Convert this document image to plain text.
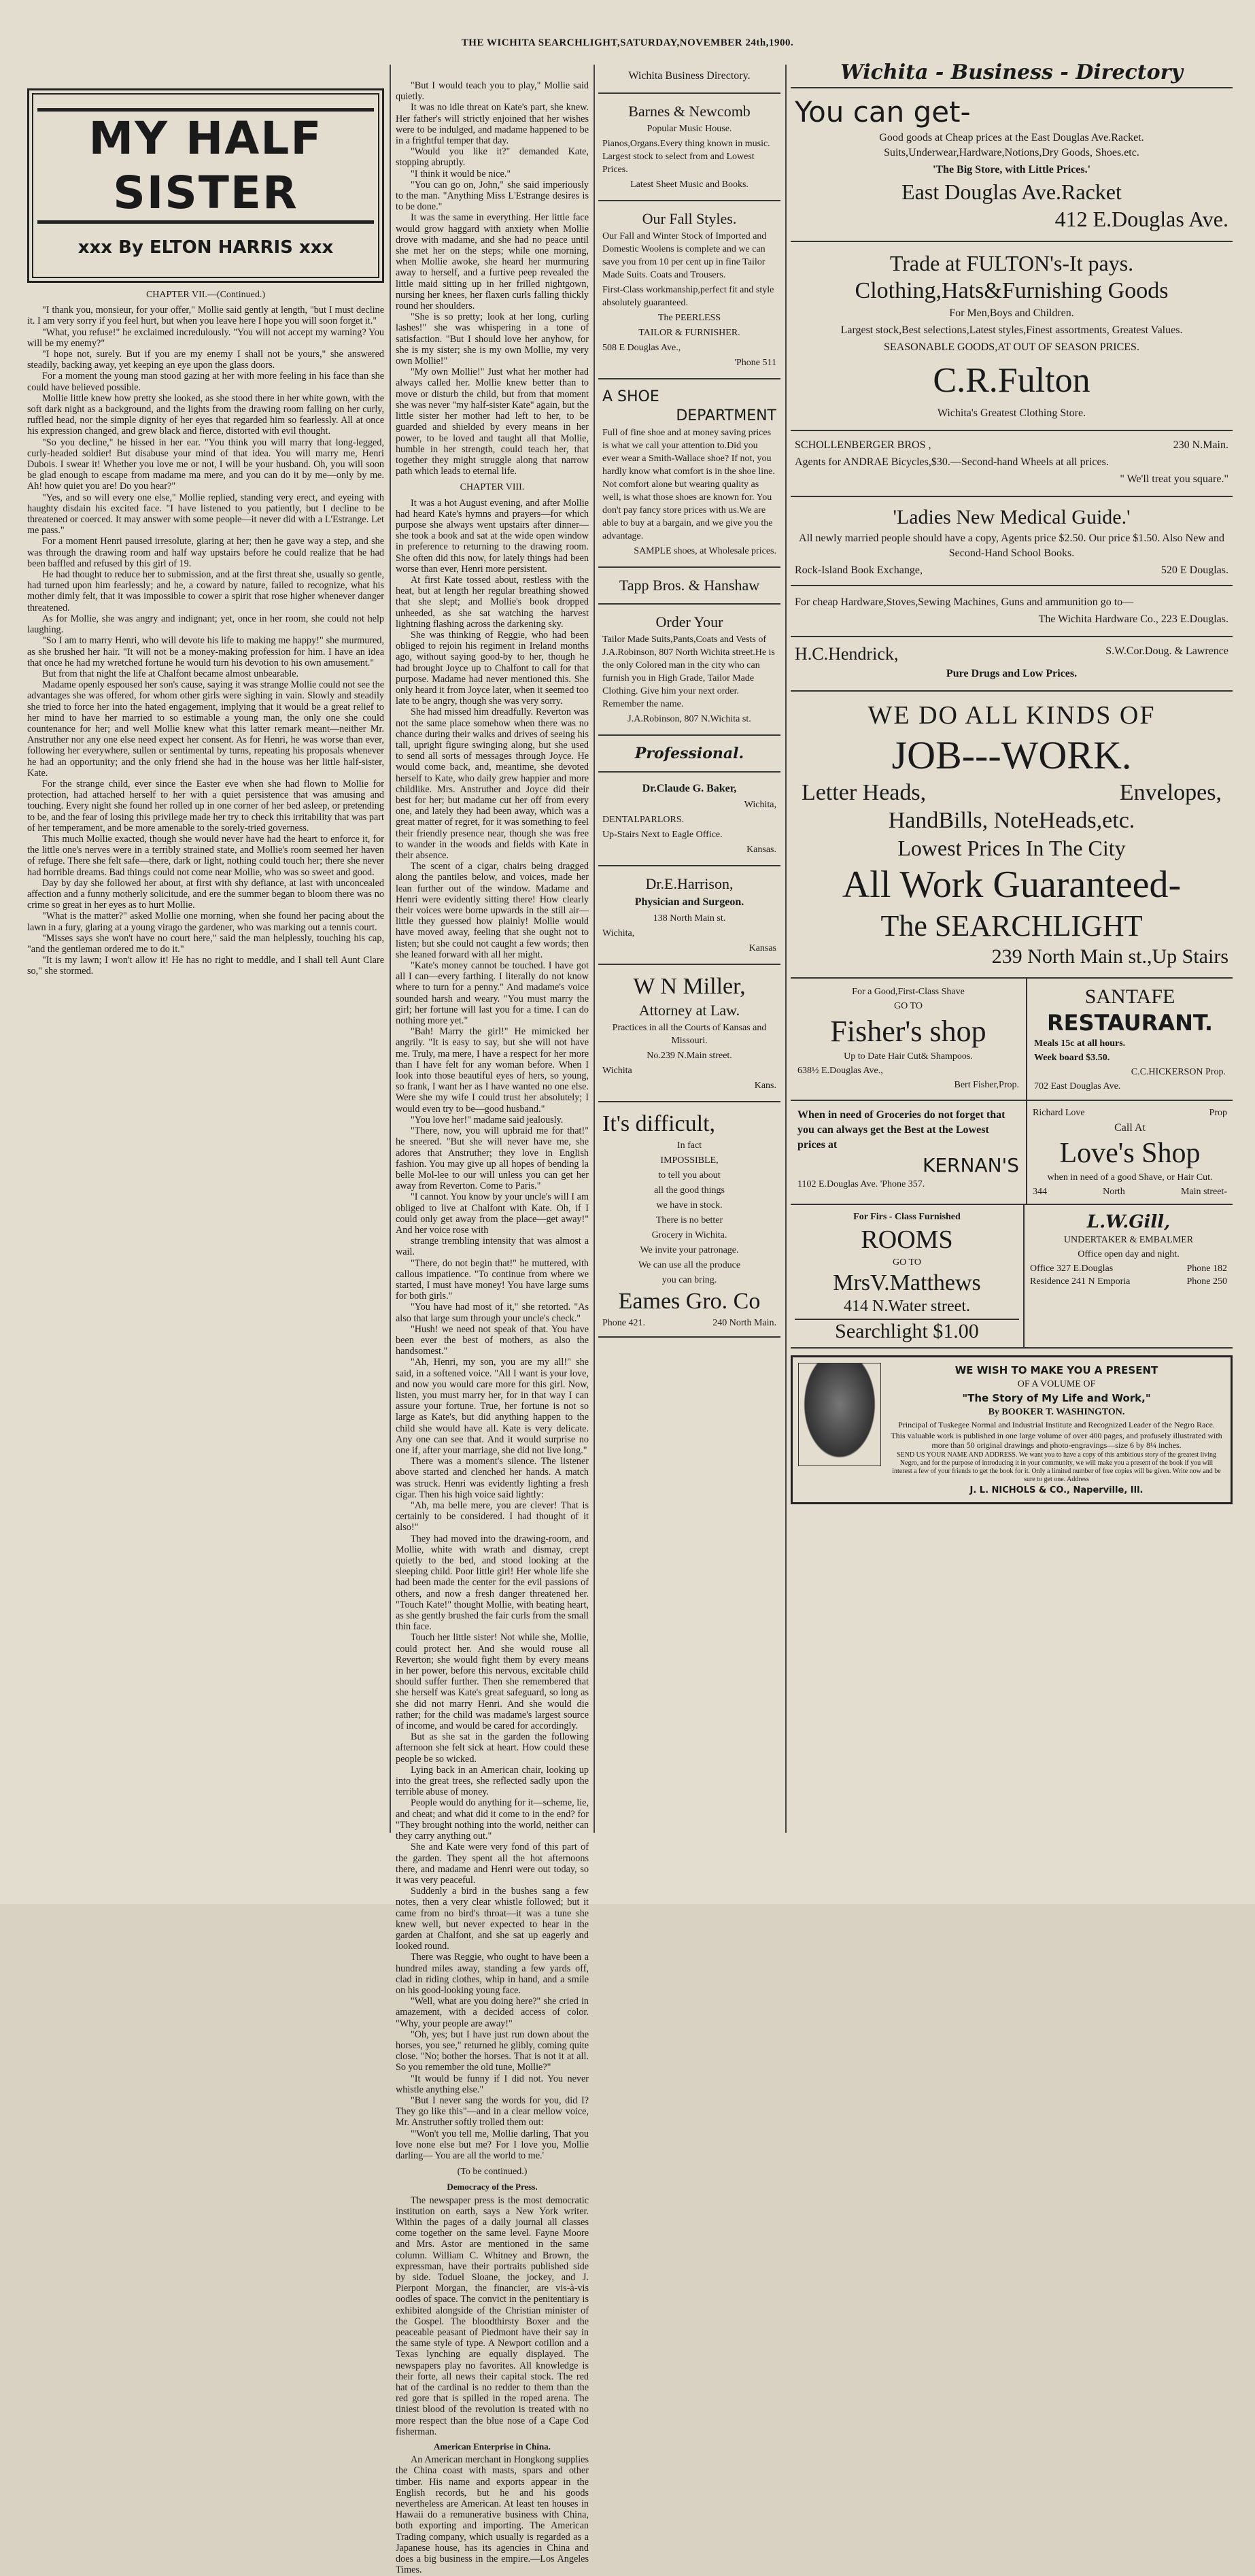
THE WICHITA SEARCHLIGHT,SATURDAY,NOVEMBER 24th,1900.
MY HALF SISTER
xxx By ELTON HARRIS xxx

CHAPTER VII.—(Continued.)

"I thank you, monsieur, for your offer," Mollie said gently at length, "but I must decline it. I am very sorry if you feel hurt, but when you leave here I hope you will soon forget it."

"What, you refuse!" he exclaimed incredulously. "You will not accept my warning? You will be my enemy?"

"I hope not, surely. But if you are my enemy I shall not be yours," she answered steadily, backing away, yet keeping an eye upon the glass doors.

For a moment the young man stood gazing at her with more feeling in his face than she could have believed possible.

Mollie little knew how pretty she looked, as she stood there in her white gown, with the soft dark night as a background, and the lights from the drawing room falling on her curly, ruffled head, nor the simple dignity of her eyes that regarded him so fearlessly. All at once his expression changed, and grew black and fierce, distorted with evil thought.

"So you decline," he hissed in her ear. "You think you will marry that long-legged, curly-headed soldier! But disabuse your mind of that idea. You will marry me, Henri Dubois. I swear it! Whether you love me or not, I will be your husband. Oh, you will soon be glad enough to escape from madame ma mere, and you can do it by me—only by me. Ah! how quiet you are! Do you hear?"

"Yes, and so will every one else," Mollie replied, standing very erect, and eyeing with haughty disdain his excited face. "I have listened to you patiently, but I decline to be threatened or coerced. It may answer with some people—it never did with a L'Estrange. Let me pass."

For a moment Henri paused irresolute, glaring at her; then he gave way a step, and she was through the drawing room and half way upstairs before he could realize that he had been baffled and refused by this girl of 19.

He had thought to reduce her to submission, and at the first threat she, usually so gentle, had turned upon him fearlessly; and he, a coward by nature, failed to recognize, what his mother dimly felt, that it was impossible to cower a spirit that rose higher whenever danger threatened.

As for Mollie, she was angry and indignant; yet, once in her room, she could not help laughing.

"So I am to marry Henri, who will devote his life to making me happy!" she murmured, as she brushed her hair. "It will not be a money-making profession for him. I have an idea that once he had my wretched fortune he would turn his devotion to his own amusement."

But from that night the life at Chalfont became almost unbearable.

Madame openly espoused her son's cause, saying it was strange Mollie could not see the advantages she was offered, for whom other girls were sighing in vain. Slowly and steadily she tried to force her into the hated engagement, implying that it would be a great relief to her mind to have her married to so estimable a young man, the only one she could countenance for her; and well Mollie knew what this latter remark meant—neither Mr. Anstruther nor any one else need expect her consent. As for Henri, he was worse than ever, following her everywhere, sullen or sentimental by turns, repeating his proposals whenever he had an opportunity; and the only friend she had in the house was her little half-sister, Kate.

For the strange child, ever since the Easter eve when she had flown to Mollie for protection, had attached herself to her with a quiet persistence that was amusing and touching. Every night she found her rolled up in one corner of her bed asleep, or pretending to be, and the fear of losing this privilege made her try to check this irritability that was part of her temperament, and be more amenable to the sorely-tried governess.

This much Mollie exacted, though she would never have had the heart to enforce it, for the little one's nerves were in a terribly strained state, and Mollie's room seemed her haven of refuge. There she felt safe—there, dark or light, nothing could touch her; there she never had horrible dreams. Bad things could not come near Mollie, who was so sweet and good.

Day by day she followed her about, at first with shy defiance, at last with unconcealed affection and a funny motherly solicitude, and ere the summer began to bloom there was no crime so great in her eyes as to hurt Mollie.

"What is the matter?" asked Mollie one morning, when she found her pacing about the lawn in a fury, glaring at a young virago the gardener, who was marking out a tennis court.

"Misses says she won't have no court here," said the man helplessly, touching his cap, "and the gentleman ordered me to do it."

"It is my lawn; I won't allow it! He has no right to meddle, and I shall tell Aunt Clare so," she stormed.

"But I would teach you to play," Mollie said quietly.

It was no idle threat on Kate's part, she knew. Her father's will strictly enjoined that her wishes were to be indulged, and madame happened to be in a frightful temper that day.

"Would you like it?" demanded Kate, stopping abruptly.

"I think it would be nice."

"You can go on, John," she said imperiously to the man. "Anything Miss L'Estrange desires is to be done."

It was the same in everything. Her little face would grow haggard with anxiety when Mollie drove with madame, and she had no peace until she met her on the steps; while one morning, when Mollie awoke, she heard her murmuring away to herself, and a furtive peep revealed the little maid sitting up in her frilled nightgown, nursing her knees, her flaxen curls falling thickly round her shoulders.

"She is so pretty; look at her long, curling lashes!" she was whispering in a tone of satisfaction. "But I should love her anyhow, for she is my sister; she is my own Mollie, my very own Mollie!"

"My own Mollie!" Just what her mother had always called her. Mollie knew better than to move or disturb the child, but from that moment she was never "my half-sister Kate" again, but the little sister her mother had left to her, to be guarded and shielded by every means in her power, to be loved and taught all that Mollie, humble in her strength, could teach her, that together they might struggle along that narrow path which leads to eternal life.

CHAPTER VIII.

It was a hot August evening, and after Mollie had heard Kate's hymns and prayers—for which purpose she always went upstairs after dinner—she took a book and sat at the wide open window in preference to returning to the drawing room. She often did this now, for lately things had been worse than ever, Henri more persistent.

At first Kate tossed about, restless with the heat, but at length her regular breathing showed that she slept; and Mollie's book dropped unheeded, as she sat watching the harvest lightning flashing across the darkening sky.

She was thinking of Reggie, who had been obliged to rejoin his regiment in Ireland months ago, without saying good-by to her, though he had brought Joyce up to Chalfont to call for that purpose. Madame had never mentioned this. She only heard it from Joyce later, when it seemed too late to be angry, though she was very sorry.

She had missed him dreadfully. Reverton was not the same place somehow when there was no chance during their walks and drives of seeing his tall, upright figure swinging along, but she used to send all sorts of messages through Joyce. He would come back, and, meantime, she devoted herself to Kate, who daily grew happier and more childlike. Mrs. Anstruther and Joyce did their best for her; but madame cut her off from every one, and lately they had been away, which was a great matter of regret, for it was something to feel their friendly presence near, though she was free to wander in the woods and fields with Kate in their absence.

The scent of a cigar, chairs being dragged along the pantiles below, and voices, made her lean further out of the window. Madame and Henri were evidently sitting there! How clearly their voices were borne upwards in the still air—little they guessed how plainly! Mollie would have moved away, feeling that she ought not to listen; but she could not caught a few words; then she leaned forward with all her might.

"Kate's money cannot be touched. I have got all I can—every farthing. I literally do not know where to turn for a penny." And madame's voice sounded harsh and weary. "You must marry the girl; her fortune will last you for a time. I can do nothing more yet."

"Bah! Marry the girl!" He mimicked her angrily. "It is easy to say, but she will not have me. Truly, ma mere, I have a respect for her more than I have felt for any woman before. When I look into those beautiful eyes of hers, so young, so frank, I want her as I have wanted no one else. Were she my wife I could trust her absolutely; I would even try to be—good husband."

"You love her!" madame said jealously.

"There, now, you will upbraid me for that!" he sneered. "But she will never have me, she adores that Anstruther; they love in English fashion. You may give up all hopes of bending la belle Mol-lee to our will unless you can get her away from Reverton. Come to Paris."

"I cannot. You know by your uncle's will I am obliged to live at Chalfont with Kate. Oh, if I could only get away from the place—get away!" And her voice rose with

strange trembling intensity that was almost a wail.

"There, do not begin that!" he muttered, with callous impatience. "To continue from where we started, I must have money! You have large sums for both girls."

"You have had most of it," she retorted. "As also that large sum through your uncle's check."

"Hush! we need not speak of that. You have been ever the best of mothers, as also the handsomest."

"Ah, Henri, my son, you are my all!" she said, in a softened voice. "All I want is your love, and now you would care more for this girl. Now, listen, you must marry her, for in that way I can assure your fortune. True, her fortune is not so large as Kate's, but did anything happen to the child she would have all. Kate is very delicate. Any one can see that. And it would surprise no one if, after your marriage, she did not live long."

There was a moment's silence. The listener above started and clenched her hands. A match was struck. Henri was evidently lighting a fresh cigar. Then his high voice said lightly:

"Ah, ma belle mere, you are clever! That is certainly to be considered. I had thought of it also!"

They had moved into the drawing-room, and Mollie, white with wrath and dismay, crept quietly to the bed, and stood looking at the sleeping child. Poor little girl! Her whole life she had been made the center for the evil passions of others, and now a fresh danger threatened her. "Touch Kate!" thought Mollie, with beating heart, as she gently brushed the fair curls from the small thin face.

Touch her little sister! Not while she, Mollie, could protect her. And she would rouse all Reverton; she would fight them by every means in her power, before this nervous, excitable child should suffer further. Then she remembered that she herself was Kate's great safeguard, so long as she did not marry Henri. And she would die rather; for the child was madame's largest source of income, and would be cared for accordingly.

But as she sat in the garden the following afternoon she felt sick at heart. How could these people be so wicked.

Lying back in an American chair, looking up into the great trees, she reflected sadly upon the terrible abuse of money.

People would do anything for it—scheme, lie, and cheat; and what did it come to in the end? for "They brought nothing into the world, neither can they carry anything out."

She and Kate were very fond of this part of the garden. They spent all the hot afternoons there, and madame and Henri were out today, so it was very peaceful.

Suddenly a bird in the bushes sang a few notes, then a very clear whistle followed; but it came from no bird's throat—it was a tune she knew well, but never expected to hear in the garden at Chalfont, and she sat up eagerly and looked round.

There was Reggie, who ought to have been a hundred miles away, standing a few yards off, clad in riding clothes, whip in hand, and a smile on his good-looking young face.

"Well, what are you doing here?" she cried in amazement, with a decided access of color. "Why, your people are away!"

"Oh, yes; but I have just run down about the horses, you see," returned he glibly, coming quite close. "No; bother the horses. That is not it at all. So you remember the old tune, Mollie?"

"It would be funny if I did not. You never whistle anything else."

"But I never sang the words for you, did I? They go like this"—and in a clear mellow voice, Mr. Anstruther softly trolled them out:

"'Won't you tell me, Mollie darling, That you love none else but me? For I love you, Mollie darling— You are all the world to me.'

(To be continued.)

Democracy of the Press.

The newspaper press is the most democratic institution on earth, says a New York writer. Within the pages of a daily journal all classes come together on the same level. Fayne Moore and Mrs. Astor are mentioned in the same column. William C. Whitney and Brown, the expressman, have their portraits published side by side. Toduel Sloane, the jockey, and J. Pierpont Morgan, the financier, are vis-à-vis oodles of space. The convict in the penitentiary is exhibited alongside of the Christian minister of the Gospel. The bloodthirsty Boxer and the peaceable peasant of Piedmont have their say in the same style of type. A Newport cotillon and a Texas lynching are equally displayed. The newspapers play no favorites. All knowledge is their forte, all news their capital stock. The red hat of the cardinal is no redder to them than the red gore that is spilled in the roped arena. The tiniest blood of the revolution is treated with no more respect than the blue nose of a Cape Cod fisherman.

American Enterprise in China.

An American merchant in Hongkong supplies the China coast with masts, spars and other timber. His name and exports appear in the English records, but he and his goods nevertheless are American. At least ten houses in Hawaii do a remunerative business with China, both exporting and importing. The American Trading company, which usually is regarded as a Japanese house, has its agencies in China and does a big business in the empire.—Los Angeles Times.

Wichita - Business - Directory
You can get-

Good goods at Cheap prices at the East Douglas Ave.Racket. Suits,Underwear,Hardware,Notions,Dry Goods, Shoes.etc.

'The Big Store, with Little Prices.'

East Douglas Ave.Racket

412 E.Douglas Ave.

Trade at FULTON's-It pays.

Clothing,Hats&Furnishing Goods

For Men,Boys and Children.

Largest stock,Best selections,Latest styles,Finest assortments, Greatest Values.

SEASONABLE GOODS,AT OUT OF SEASON PRICES.

C.R.Fulton

Wichita's Greatest Clothing Store.

SCHOLLENBERGER BROS ,	230 N.Main.

Agents for ANDRAE Bicycles,$30.—Second-hand Wheels at all prices.

" We'll treat you square."

'Ladies New Medical Guide.'

All newly married people should have a copy, Agents price $2.50. Our price $1.50. Also New and Second-Hand School Books.

Rock-Island Book Exchange,	520 E Douglas.

For cheap Hardware,Stoves,Sewing Machines, Guns and ammunition go to—

The Wichita Hardware Co., 223 E.Douglas.

H.C.Hendrick,	S.W.Cor.Doug. & Lawrence

Pure Drugs and Low Prices.

WE DO ALL KINDS OF

JOB---WORK.

Letter Heads,	Envelopes,

HandBills, NoteHeads,etc.

Lowest Prices In The City

All Work Guaranteed-

The SEARCHLIGHT

239 North Main st.,Up Stairs

For a Good,First-Class Shave

GO TO

Fisher's shop

Up to Date Hair Cut& Shampoos.

638½ E.Douglas Ave.,

Bert Fisher,Prop.

SANTAFE

RESTAURANT.

Meals 15c at all hours.

Week board $3.50.

C.C.HICKERSON Prop.

702 East Douglas Ave.

When in need of Groceries do not forget that you can always get the Best at the Lowest prices at

KERNAN'S

1102 E.Douglas Ave. 'Phone 357.

Richard Love	Prop

Call At

Love's Shop

when in need of a good Shave, or Hair Cut.

344	North	Main street-

For Firs - Class Furnished

ROOMS

GO TO

MrsV.Matthews

414 N.Water street.

Searchlight $1.00

L.W.Gill,

UNDERTAKER & EMBALMER

Office open day and night.

Office 327 E.Douglas	Phone 182
Residence 241 N Emporia	Phone 250

WE WISH TO MAKE YOU A PRESENT

OF A VOLUME OF

"The Story of My Life and Work,"

By BOOKER T. WASHINGTON.

Principal of Tuskegee Normal and Industrial Institute and Recognized Leader of the Negro Race.

This valuable work is published in one large volume of over 400 pages, and profusely illustrated with more than 50 original drawings and photo-engravings—size 6 by 8¼ inches.

SEND US YOUR NAME AND ADDRESS. We want you to have a copy of this ambitious story of the greatest living Negro, and for the purpose of introducing it in your community, we will make you a present of the book if you will interest a few of your friends to get the book for it. Only a limited number of free copies will be given. Write now and be sure to get one. Address

J. L. NICHOLS & CO., Naperville, Ill.

Wichita Business Directory.

Barnes & Newcomb

Popular Music House.

Pianos,Organs.Every thing known in music. Largest stock to select from and Lowest Prices.

Latest Sheet Music and Books.

Our Fall Styles.

Our Fall and Winter Stock of Imported and Domestic Woolens is complete and we can save you from 10 per cent up in fine Tailor Made Suits. Coats and Trousers.

First-Class workmanship,perfect fit and style absolutely guaranteed.

The PEERLESS

TAILOR & FURNISHER.

508 E Douglas Ave.,

'Phone 511

A SHOE

DEPARTMENT

Full of fine shoe and at money saving prices is what we call your attention to.Did you ever wear a Smith-Wallace shoe? If not, you hardly know what comfort is in the shoe line. Not comfort alone but wearing quality as well, is what those shoes are known for. You don't pay fancy store prices with us.We are able to buy at a bargain, and we give you the advantage.

SAMPLE shoes, at Wholesale prices.

Tapp Bros. & Hanshaw

Order Your

Tailor Made Suits,Pants,Coats and Vests of J.A.Robinson, 807 North Wichita street.He is the only Colored man in the city who can furnish you in High Grade, Tailor Made Clothing. Give him your next order. Remember the name.

J.A.Robinson, 807 N.Wichita st.

Professional.

Dr.Claude G. Baker,

Wichita,

DENTALPARLORS.

Up-Stairs Next to Eagle Office.

Kansas.

Dr.E.Harrison,

Physician and Surgeon.

138 North Main st.

Wichita,

Kansas

W N Miller,

Attorney at Law.

Practices in all the Courts of Kansas and Missouri.

No.239 N.Main street.

Wichita

Kans.

It's difficult,

In fact

IMPOSSIBLE,

to tell you about

all the good things

we have in stock.

There is no better

Grocery in Wichita.

We invite your patronage.

We can use all the produce

you can bring.

Eames Gro. Co

Phone 421.	240 North Main.
